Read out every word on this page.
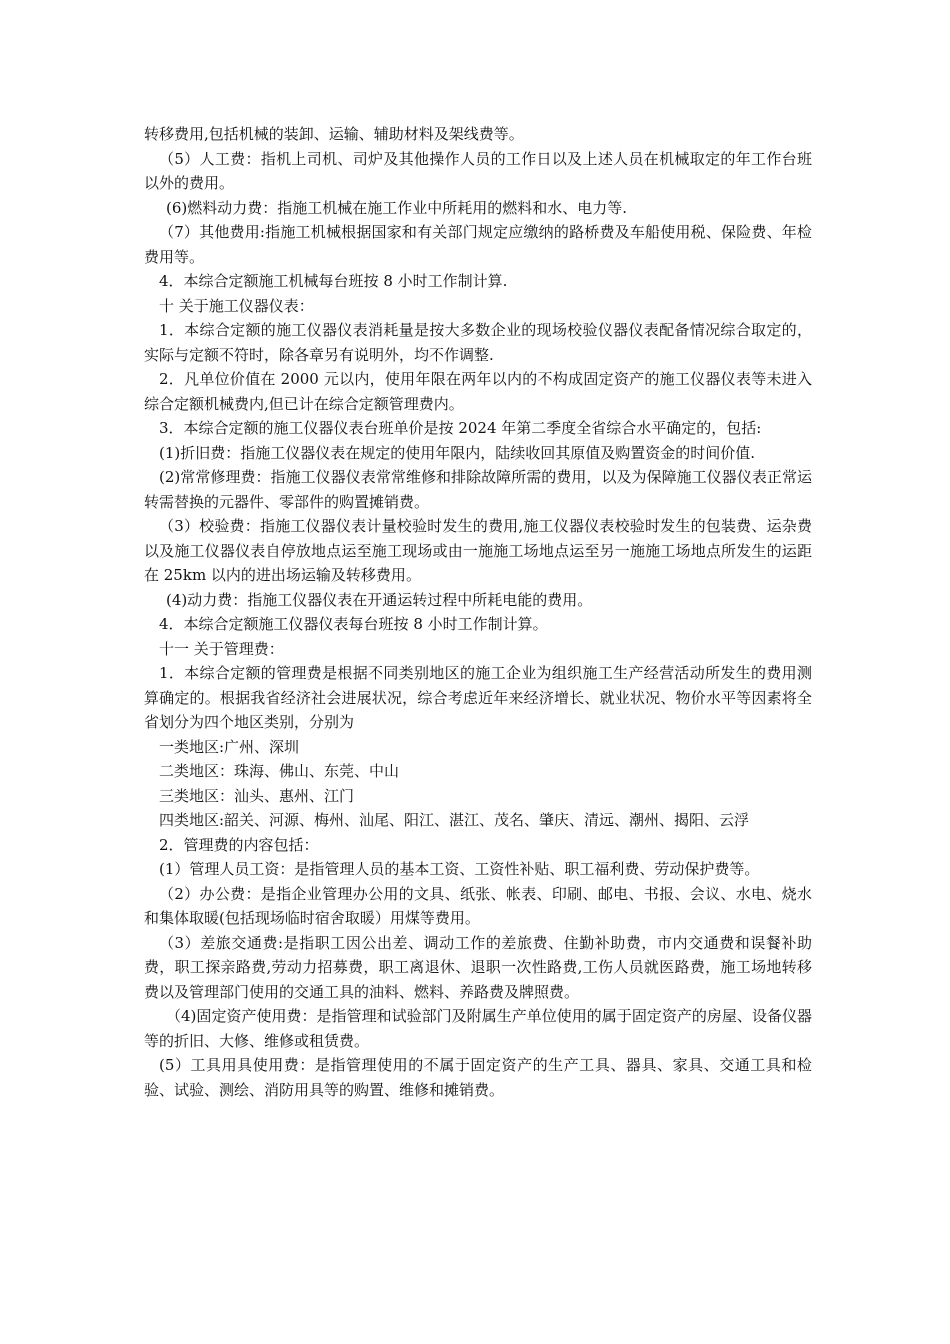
转移费用,包括机械的装卸、运输、辅助材料及架线费等。

（5）人工费：指机上司机、司炉及其他操作人员的工作日以及上述人员在机械取定的年工作台班以外的费用。

(6)燃料动力费：指施工机械在施工作业中所耗用的燃料和水、电力等.

（7）其他费用:指施工机械根据国家和有关部门规定应缴纳的路桥费及车船使用税、保险费、年检费用等。

4．本综合定额施工机械每台班按 8 小时工作制计算.

十 关于施工仪器仪表：

1．本综合定额的施工仪器仪表消耗量是按大多数企业的现场校验仪器仪表配备情况综合取定的，实际与定额不符时，除各章另有说明外，均不作调整.

2．凡单位价值在 2000 元以内，使用年限在两年以内的不构成固定资产的施工仪器仪表等未进入综合定额机械费内,但已计在综合定额管理费内。

3．本综合定额的施工仪器仪表台班单价是按 2024 年第二季度全省综合水平确定的，包括:

(1)折旧费：指施工仪器仪表在规定的使用年限内，陆续收回其原值及购置资金的时间价值.

(2)常常修理费：指施工仪器仪表常常维修和排除故障所需的费用，以及为保障施工仪器仪表正常运转需替换的元器件、零部件的购置摊销费。

（3）校验费：指施工仪器仪表计量校验时发生的费用,施工仪器仪表校验时发生的包装费、运杂费以及施工仪器仪表自停放地点运至施工现场或由一施施工场地点运至另一施施工场地点所发生的运距在 25km 以内的进出场运输及转移费用。

(4)动力费：指施工仪器仪表在开通运转过程中所耗电能的费用。

4．本综合定额施工仪器仪表每台班按 8 小时工作制计算。

十一 关于管理费：

1．本综合定额的管理费是根据不同类别地区的施工企业为组织施工生产经营活动所发生的费用测算确定的。根据我省经济社会进展状况，综合考虑近年来经济增长、就业状况、物价水平等因素将全省划分为四个地区类别，分别为

一类地区:广州、深圳

二类地区：珠海、佛山、东莞、中山

三类地区：汕头、惠州、江门

四类地区:韶关、河源、梅州、汕尾、阳江、湛江、茂名、肇庆、清远、潮州、揭阳、云浮

2．管理费的内容包括：

(1）管理人员工资：是指管理人员的基本工资、工资性补贴、职工福利费、劳动保护费等。

（2）办公费：是指企业管理办公用的文具、纸张、帐表、印刷、邮电、书报、会议、水电、烧水和集体取暖(包括现场临时宿舍取暖）用煤等费用。

（3）差旅交通费:是指职工因公出差、调动工作的差旅费、住勤补助费，市内交通费和误餐补助费，职工探亲路费,劳动力招募费，职工离退休、退职一次性路费,工伤人员就医路费，施工场地转移费以及管理部门使用的交通工具的油料、燃料、养路费及牌照费。

（4)固定资产使用费：是指管理和试验部门及附属生产单位使用的属于固定资产的房屋、设备仪器等的折旧、大修、维修或租赁费。

(5）工具用具使用费：是指管理使用的不属于固定资产的生产工具、器具、家具、交通工具和检验、试验、测绘、消防用具等的购置、维修和摊销费。
